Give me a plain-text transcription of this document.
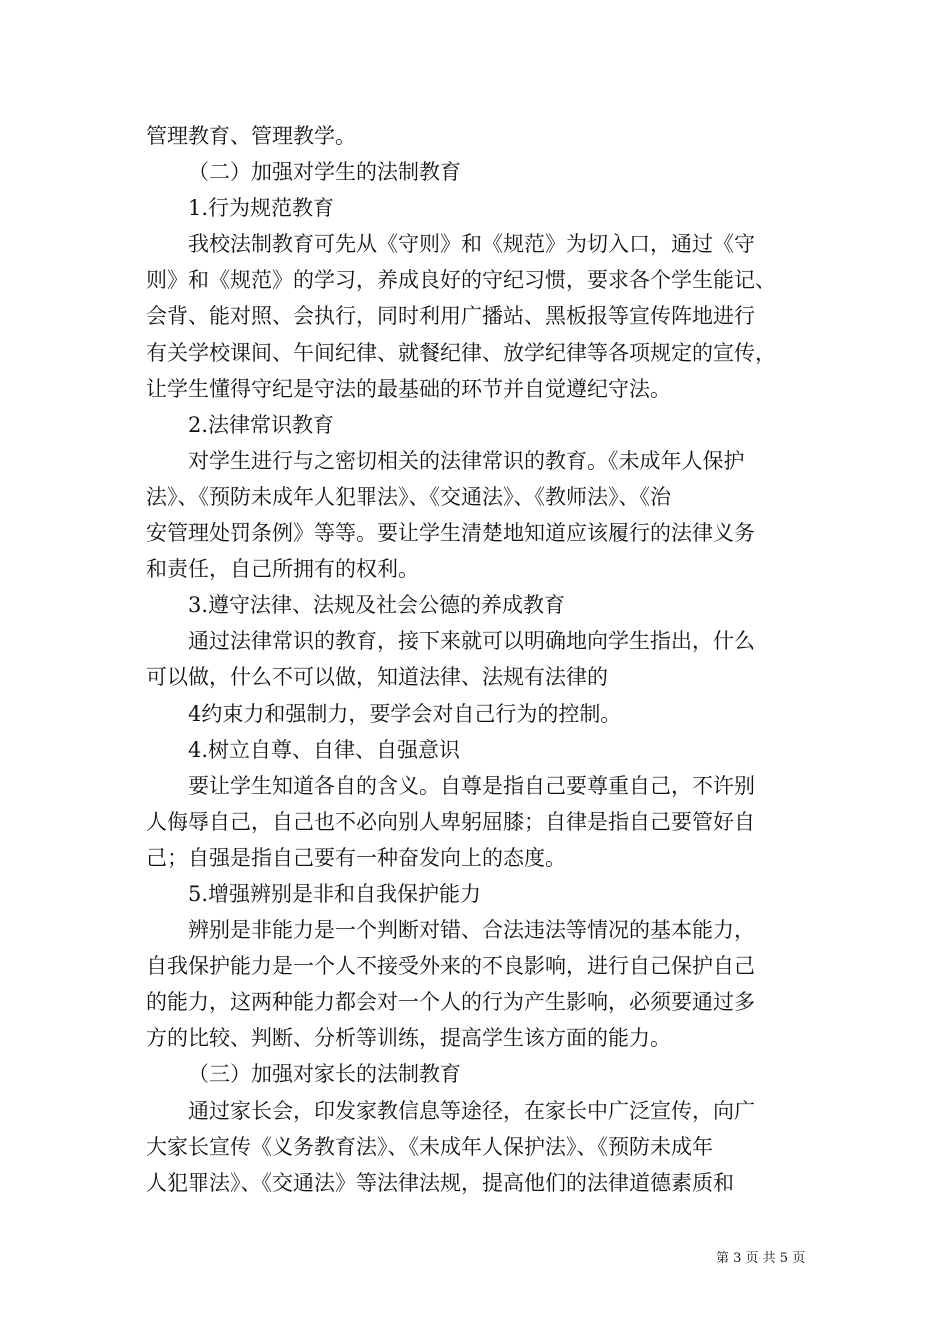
管理教育、管理教学。
（二）加强对学生的法制教育
1.行为规范教育
我校法制教育可先从《守则》和《规范》为切入口，通过《守
则》和《规范》的学习，养成良好的守纪习惯，要求各个学生能记、
会背、能对照、会执行，同时利用广播站、黑板报等宣传阵地进行
有关学校课间、午间纪律、就餐纪律、放学纪律等各项规定的宣传，
让学生懂得守纪是守法的最基础的环节并自觉遵纪守法。
2.法律常识教育
对学生进行与之密切相关的法律常识的教育。《未成年人保护
法》、《预防未成年人犯罪法》、《交通法》、《教师法》、《治
安管理处罚条例》等等。要让学生清楚地知道应该履行的法律义务
和责任，自己所拥有的权利。
3.遵守法律、法规及社会公德的养成教育
通过法律常识的教育，接下来就可以明确地向学生指出，什么
可以做，什么不可以做，知道法律、法规有法律的
4约束力和强制力，要学会对自己行为的控制。
4.树立自尊、自律、自强意识
要让学生知道各自的含义。自尊是指自己要尊重自己，不许别
人侮辱自己，自己也不必向别人卑躬屈膝；自律是指自己要管好自
己；自强是指自己要有一种奋发向上的态度。
5.增强辨别是非和自我保护能力
辨别是非能力是一个判断对错、合法违法等情况的基本能力，
自我保护能力是一个人不接受外来的不良影响，进行自己保护自己
的能力，这两种能力都会对一个人的行为产生影响，必须要通过多
方的比较、判断、分析等训练，提高学生该方面的能力。
（三）加强对家长的法制教育
通过家长会，印发家教信息等途径，在家长中广泛宣传，向广
大家长宣传《义务教育法》、《未成年人保护法》、《预防未成年
人犯罪法》、《交通法》等法律法规，提高他们的法律道德素质和
第 3 页 共 5 页
